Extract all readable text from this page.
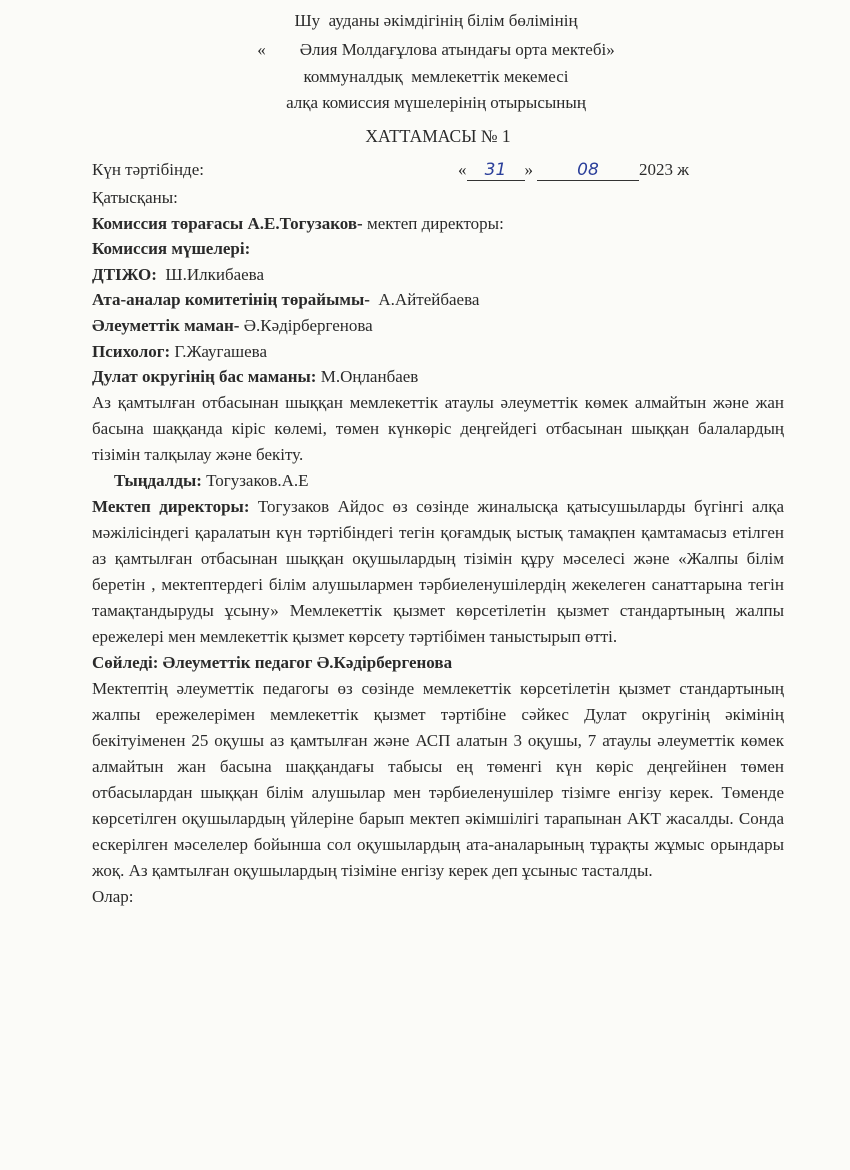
Шу  ауданы әкімдігінің білім бөлімінің
«        Әлия Молдағұлова атындағы орта мектебі»
коммуналдық  мемлекеттік мекемесі
алқа комиссия мүшелерінің отырысының
ХАТТАМАСЫ № 1
Күн тәртібінде:	« 31 »	08 2023 ж
Қатысқаны:
Комиссия төрағасы А.Е.Тогузаков- мектеп директоры:
Комиссия мүшелері:
ДТІЖО:  Ш.Илкибаева
Ата-аналар комитетінің төрайымы-  А.Айтейбаева
Әлеуметтік маман- Ә.Кәдірбергенова
Психолог: Г.Жаугашева
Дулат округінің бас маманы: М.Оңланбаев
Аз қамтылған отбасынан шыққан мемлекеттік атаулы әлеуметтік көмек алмайтын және жан басына шаққанда кіріс көлемі, төмен күнкөріс деңгейдегі отбасынан шыққан балалардың тізімін талқылау және бекіту.
Тыңдалды: Тогузаков.А.Е
Мектеп директоры: Тогузаков Айдос өз сөзінде жиналысқа қатысушыларды бүгінгі алқа мәжілісіндегі қаралатын күн тәртібіндегі тегін қоғамдық ыстық тамақпен қамтамасыз етілген аз қамтылған отбасынан шыққан оқушылардың тізімін құру мәселесі және «Жалпы білім беретін , мектептердегі білім алушылармен тәрбиеленушілердің жекелеген санаттарына тегін тамақтандыруды ұсыну» Мемлекеттік қызмет көрсетілетін қызмет стандартының жалпы ережелері мен мемлекеттік қызмет көрсету тәртібімен таныстырып өтті.
Сөйледі: Әлеуметтік педагог Ә.Кәдірбергенова
Мектептің әлеуметтік педагогы өз сөзінде мемлекеттік көрсетілетін қызмет стандартының жалпы ережелерімен мемлекеттік қызмет тәртібіне сәйкес Дулат округінің әкімінің бекітуіменен 25 оқушы аз қамтылған және АСП алатын 3 оқушы, 7 атаулы әлеуметтік көмек алмайтын жан басына шаққандағы табысы ең төменгі күн көріс деңгейінен төмен отбасылардан шыққан білім алушылар мен тәрбиеленушілер тізімге енгізу керек. Төменде көрсетілген оқушылардың үйлеріне барып мектеп әкімшілігі тарапынан АКТ жасалды. Сонда ескерілген мәселелер бойынша сол оқушылардың ата-аналарының тұрақты жұмыс орындары жоқ. Аз қамтылған оқушылардың тізіміне енгізу керек деп ұсыныс тасталды.
Олар:
